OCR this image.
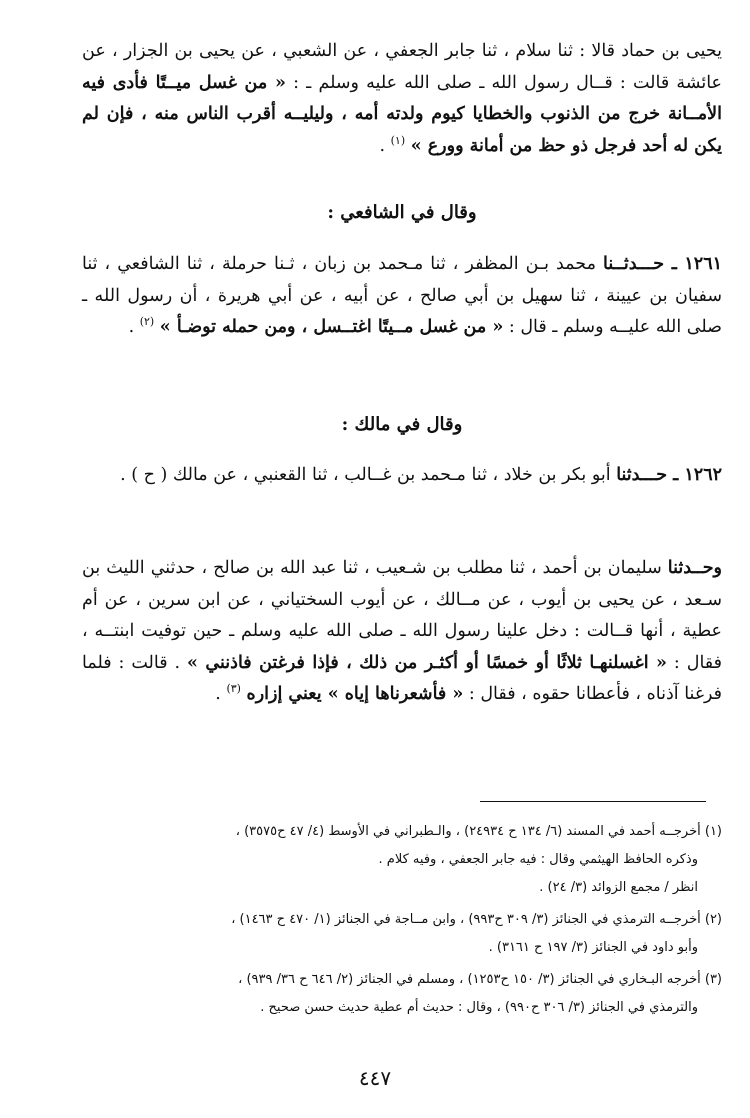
يحيى بن حماد قالا : ثنا سلام ، ثنا جابر الجعفي ، عن الشعبي ، عن يحيى بن الجزار ، عن عائشة قالت : قــال رسول الله ـ صلى الله عليه وسلم ـ : « من غسل ميــتًا فأدى فيه الأمــانة خرج من الذنوب والخطايا كيوم ولدته أمه ، وليليــه أقرب الناس منه ، فإن لم يكن له أحد فرجل ذو حظ من أمانة وورع » $^{(١)}$ .

وقال في الشافعي :

١٢٦١ ـ حـــدثــنا محمد بـن المظفر ، ثنا مـحمد بن زبان ، ثـنا حرملة ، ثنا الشافعي ، ثنا سفيان بن عيينة ، ثنا سهيل بن أبي صالح ، عن أبيه ، عن أبي هريرة ، أن رسول الله ـ صلى الله عليــه وسلم ـ قال : « من غسل مــيتًا اغتــسل ، ومن حمله توضـأ » $^{(٢)}$ .

وقال في مالك :

١٢٦٢ ـ حـــدثنا أبو بكر بن خلاد ، ثنا مـحمد بن غــالب ، ثنا القعنبي ، عن مالك ( ح ) .

وحــدثنا سليمان بن أحمد ، ثنا مطلب بن شـعيب ، ثنا عبد الله بن صالح ، حدثني الليث بن سـعد ، عن يحيى بن أيوب ، عن مــالك ، عن أيوب السختياني ، عن ابن سرين ، عن أم عطية ، أنها قــالت : دخل علينا رسول الله ـ صلى الله عليه وسلم ـ حين توفيت ابنتــه ، فقال : « اغسلنهـا ثلاثًا أو خمسًا أو أكثـر من ذلك ، فإذا فرغتن فاذنني » . قالت : فلما فرغنا آذناه ، فأعطانا حقوه ، فقال : « فأشعرناها إياه » يعني إزاره $^{(٣)}$ .

(١) أخرجــه أحمد في المسند (٦/ ١٣٤ ح ٢٤٩٣٤) ، والـطبراني في الأوسط (٤/ ٤٧ ح٣٥٧٥) ،
وذكره الحافظ الهيثمي وقال : فيه جابر الجعفي ، وفيه كلام .
انظر / مجمع الزوائد (٣/ ٢٤) .
(٢) أخرجــه الترمذي في الجنائز (٣/ ٣٠٩ ح٩٩٣) ، وابن مــاجة في الجنائز (١/ ٤٧٠ ح ١٤٦٣) ،
وأبو داود في الجنائز (٣/ ١٩٧ ح ٣١٦١) .
(٣) أخرجه البـخاري في الجنائز (٣/ ١٥٠ ح١٢٥٣) ، ومسلم في الجنائز (٢/ ٦٤٦ ح ٣٦/ ٩٣٩) ،
والترمذي في الجنائز (٣/ ٣٠٦ ح٩٩٠) ، وقال : حديث أم عطية حديث حسن صحيح .
٤٤٧
